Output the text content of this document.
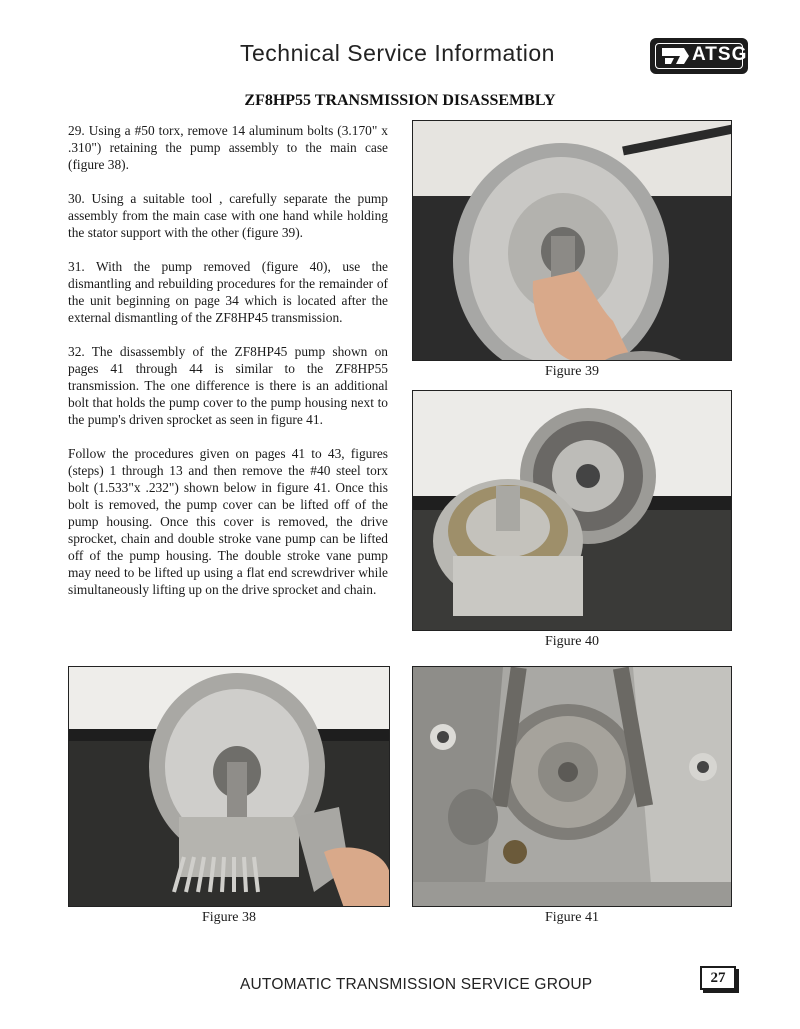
Technical Service Information	ATSG
ZF8HP55 TRANSMISSION DISASSEMBLY

29. Using a #50 torx, remove 14 aluminum bolts (3.170" x .310") retaining the pump assembly to the main case (figure 38).

30. Using a suitable tool , carefully separate the pump assembly from the main case with one hand while holding the stator support with the other (figure 39).

31. With the pump removed (figure 40), use the dismantling and rebuilding procedures for the remainder of the unit beginning on page 34 which is located after the external dismantling of the ZF8HP45 transmission.

32. The disassembly of the ZF8HP45 pump shown on pages 41 through 44 is similar to the ZF8HP55 transmission. The one difference is there is an additional bolt that holds the pump cover to the pump housing next to the pump's driven sprocket as seen in figure 41.

Follow the procedures given on pages 41 to 43, figures (steps) 1 through 13 and then remove the #40 steel torx bolt (1.533"x .232") shown below in figure 41. Once this bolt is removed, the pump cover can be lifted off of the pump housing. Once this cover is removed, the drive sprocket, chain and double stroke vane pump can be lifted off of the pump housing. The double stroke vane pump may need to be lifted up using a flat end screwdriver while simultaneously lifting up on the drive sprocket and chain.

Figure 39
Figure 40
Figure 38	Figure 41
AUTOMATIC TRANSMISSION SERVICE GROUP	27
